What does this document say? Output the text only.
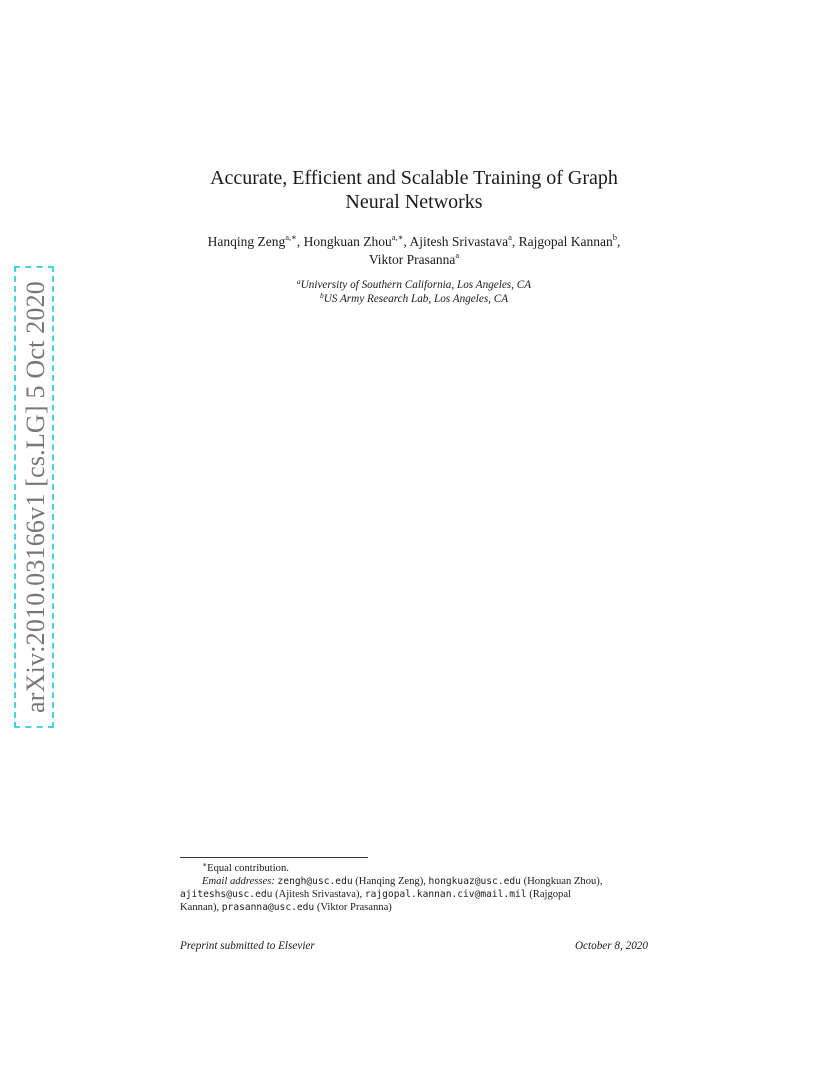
arXiv:2010.03166v1 [cs.LG] 5 Oct 2020
Accurate, Efficient and Scalable Training of Graph
Neural Networks
Hanqing Zeng$^{a,∗}$, Hongkuan Zhou$^{a,∗}$, Ajitesh Srivastava$^a$, Rajgopal Kannan$^b$,
Viktor Prasanna$^a$
$^a$University of Southern California, Los Angeles, CA
$^b$US Army Research Lab, Los Angeles, CA

∗Equal contribution.

Email addresses: zengh@usc.edu (Hanqing Zeng), hongkuaz@usc.edu (Hongkuan Zhou),

ajiteshs@usc.edu (Ajitesh Srivastava), rajgopal.kannan.civ@mail.mil (Rajgopal

Kannan), prasanna@usc.edu (Viktor Prasanna)

Preprint submitted to Elsevier	October 8, 2020
